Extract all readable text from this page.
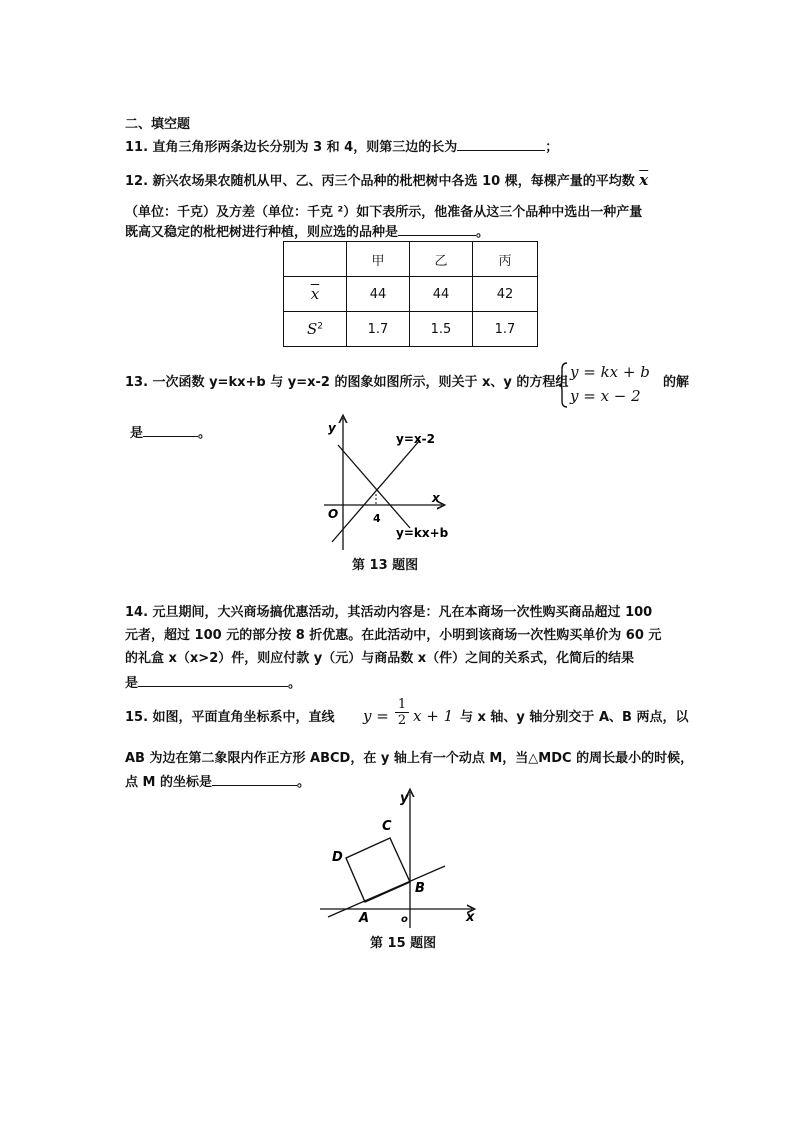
二、填空题
11. 直角三角形两条边长分别为 3 和 4，则第三边的长为	；
12. 新兴农场果农随机从甲、乙、丙三个品种的枇杷树中各选 10 棵，每棵产量的平均数 $\overline{x}$
（单位：千克）及方差（单位：千克 ²）如下表所示，他准备从这三个品种中选出一种产量
既高又稳定的枇杷树进行种植，则应选的品种是	。
	甲	乙	丙
$\overline{x}$	44	44	42
$S^2$	1.7	1.5	1.7
13. 一次函数 y=kx+b 与 y=x-2 的图象如图所示，则关于 x、y 的方程组
y = kx + b
y = x − 2
的解
是	。	y
x
O	4
y=x-2
y=kx+b
第 13 题图
14. 元旦期间，大兴商场搞优惠活动，其活动内容是：凡在本商场一次性购买商品超过 100
元者，超过 100 元的部分按 8 折优惠。在此活动中，小明到该商场一次性购买单价为 60 元
的礼盒 x（x>2）件，则应付款 y（元）与商品数 x（件）之间的关系式，化简后的结果
是	。
15. 如图，平面直角坐标系中，直线 $y = \frac{1}{2}$ x + 1 与 x 轴、y 轴分别交于 A、B 两点，以
AB 为边在第二象限内作正方形 ABCD，在 y 轴上有一个动点 M，当△MDC 的周长最小的时候，
点 M 的坐标是	。
y
x
o
A
B
C
D
第 15 题图
